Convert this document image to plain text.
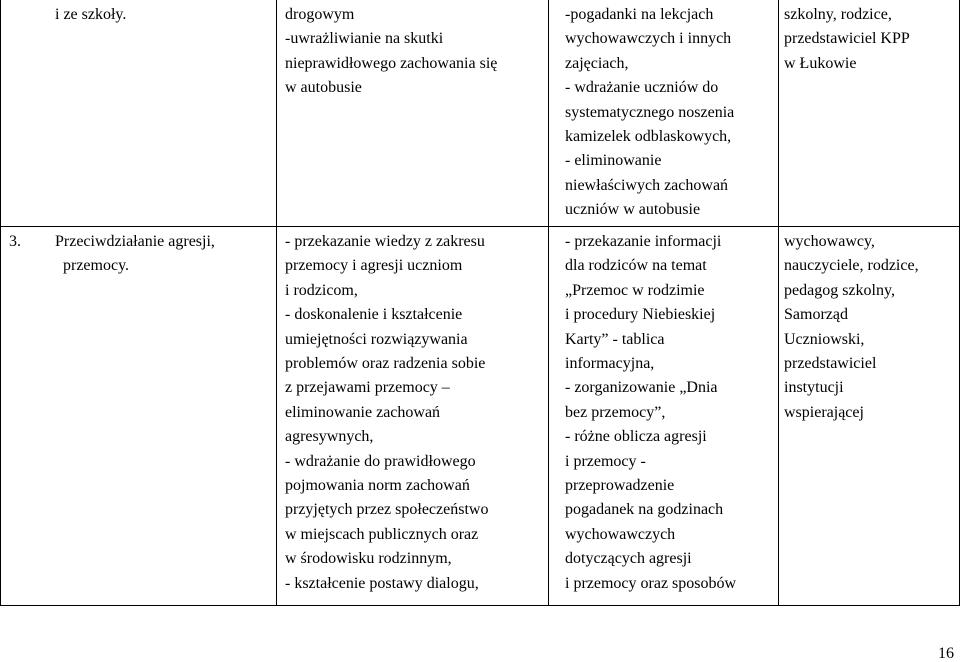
i ze szkoły.	drogowym
-uwrażliwianie na skutki
nieprawidłowego zachowania się
w autobusie
-pogadanki na lekcjach
wychowawczych i innych
zajęciach,
- wdrażanie uczniów do
systematycznego noszenia
kamizelek odblaskowych,
- eliminowanie
niewłaściwych zachowań
uczniów w autobusie
szkolny, rodzice,
przedstawiciel KPP
w Łukowie
3. Przeciwdziałanie agresji,
przemocy.
- przekazanie wiedzy z zakresu
przemocy i agresji uczniom
i rodzicom,
- doskonalenie i kształcenie
umiejętności rozwiązywania
problemów oraz radzenia sobie
z przejawami przemocy –
eliminowanie zachowań
agresywnych,
- wdrażanie do prawidłowego
pojmowania norm zachowań
przyjętych przez społeczeństwo
w miejscach publicznych oraz
w środowisku rodzinnym,
- kształcenie postawy dialogu,
- przekazanie informacji
dla rodziców na temat
„Przemoc w rodzimie
i procedury Niebieskiej
Karty” - tablica
informacyjna,
- zorganizowanie „Dnia
bez przemocy”,
- różne oblicza agresji
i przemocy -
przeprowadzenie
pogadanek na godzinach
wychowawczych
dotyczących agresji
i przemocy oraz sposobów
wychowawcy,
nauczyciele, rodzice,
pedagog szkolny,
Samorząd
Uczniowski,
przedstawiciel
instytucji
wspierającej
16
